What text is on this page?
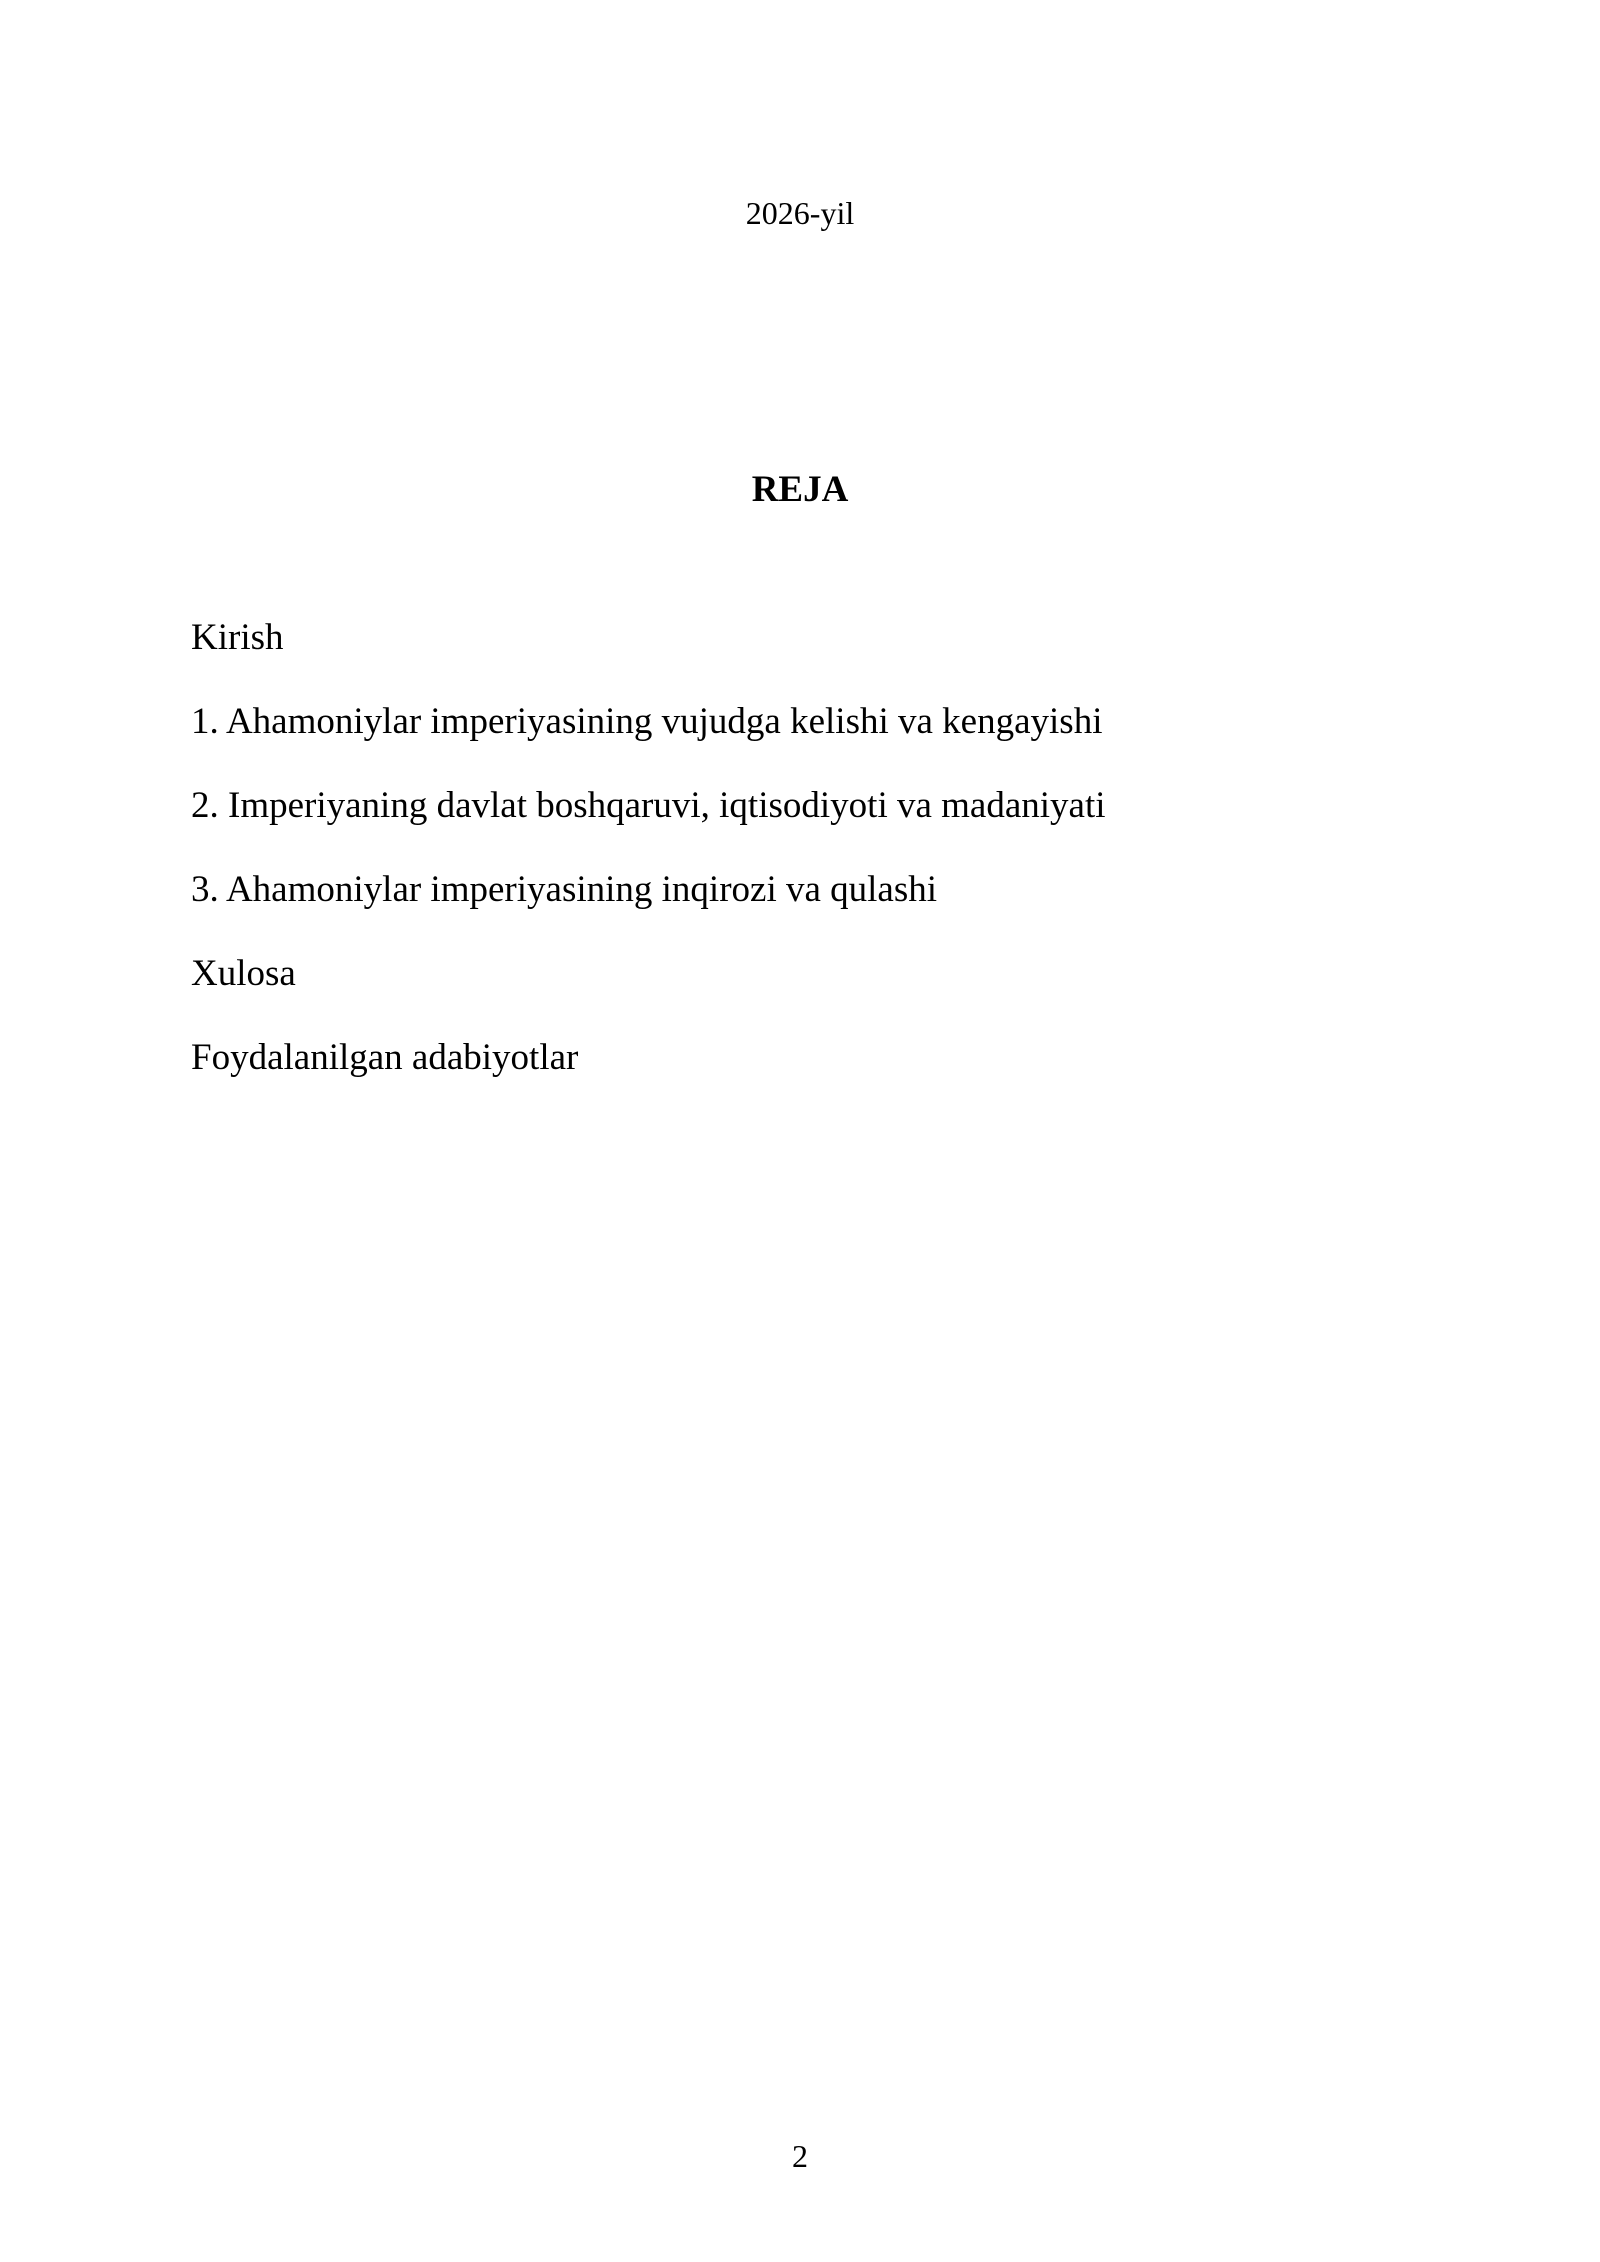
2026-yil
REJA
Kirish
1. Ahamoniylar imperiyasining vujudga kelishi va kengayishi
2. Imperiyaning davlat boshqaruvi, iqtisodiyoti va madaniyati
3. Ahamoniylar imperiyasining inqirozi va qulashi
Xulosa
Foydalanilgan adabiyotlar
2
